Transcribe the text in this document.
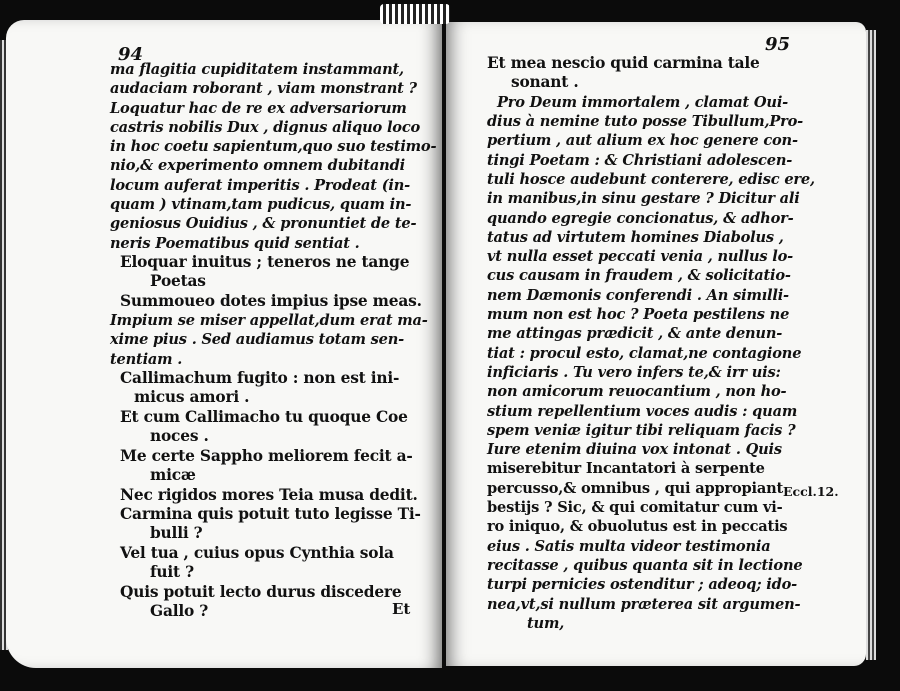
94
ma flagitia cupiditatem instammant,
audaciam roborant , viam monstrant ?
Loquatur hac de re ex adversariorum
castris nobilis Dux , dignus aliquo loco
in hoc coetu sapientum,quo suo testimo-
nio,& experimento omnem dubitandi
locum auferat imperitis . Prodeat (in-
quam ) vtinam,tam pudicus, quam in-
geniosus Ouidius , & pronuntiet de te-
neris Poematibus quid sentiat .
Eloquar inuitus ; teneros ne tange
Poetas
Summoueo dotes impius ipse meas.
Impium se miser appellat,dum erat ma-
xime pius . Sed audiamus totam sen-
tentiam .
Callimachum fugito : non est ini-
micus amori .
Et cum Callimacho tu quoque Coe
noces .
Me certe Sappho meliorem fecit a-
micæ
Nec rigidos mores Teia musa dedit.
Carmina quis potuit tuto legisse Ti-
bulli ?
Vel tua , cuius opus Cynthia sola
fuit ?
Quis potuit lecto durus discedere
Gallo ?	Et
95
Et mea nescio quid carmina tale
sonant .
Pro Deum immortalem , clamat Oui-
dius à nemine tuto posse Tibullum,Pro-
pertium , aut alium ex hoc genere con-
tingi Poetam : & Christiani adolescen-
tuli hosce audebunt conterere, edisc ere,
in manibus,in sinu gestare ? Dicitur ali
quando egregie concionatus, & adhor-
tatus ad virtutem homines Diabolus ,
vt nulla esset peccati venia , nullus lo-
cus causam in fraudem , & solicitatio-
nem Dæmonis conferendi . An simılli-
mum non est hoc ? Poeta pestilens ne
me attingas prædicit , & ante denun-
tiat : procul esto, clamat,ne contagione
inficiaris . Tu vero infers te,& irr uis:
non amicorum reuocantium , non ho-
stium repellentium voces audis : quam
spem veniæ igitur tibi reliquam facis ?
Iure etenim diuina vox intonat . Quis
miserebitur Incantatori à serpente
percusso,& omnibus , qui appropiant
bestijs ? Sic, & qui comitatur cum vi-
ro iniquo, & obuolutus est in peccatis
eius . Satis multa videor testimonia
recitasse , quibus quanta sit in lectione
turpi pernicies ostenditur ; adeoq; ido-
nea,vt,si nullum præterea sit argumen-
tum,
Eccl.12.
